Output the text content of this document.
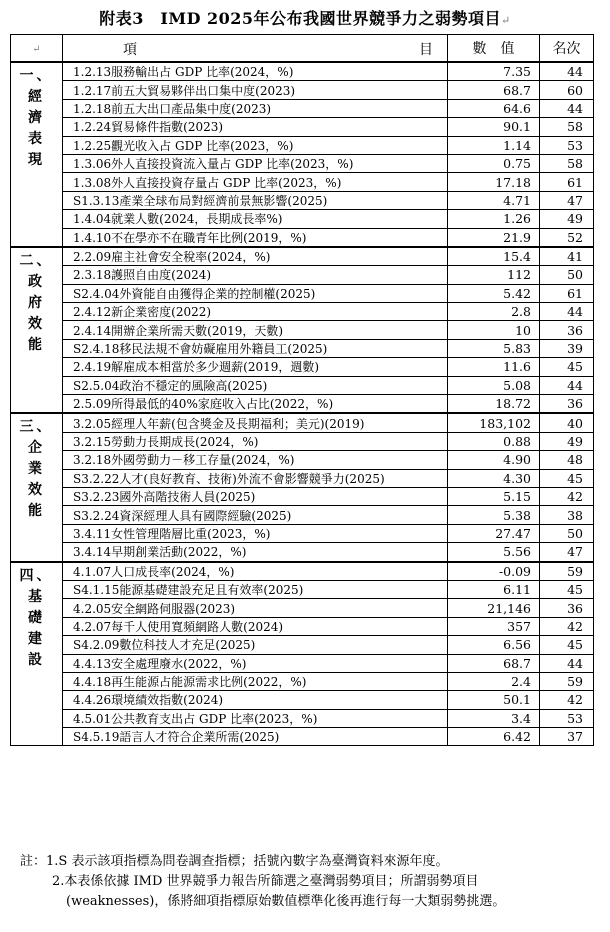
附表3　IMD 2025年公布我國世界競爭力之弱勢項目↵
↵	項 目	數　值	名次

一、
經
濟
表
現	1.2.13服務輸出占 GDP 比率(2024，%)	7.35	44
	1.2.17前五大貿易夥伴出口集中度(2023)	68.7	60
	1.2.18前五大出口產品集中度(2023)	64.6	44
	1.2.24貿易條件指數(2023)	90.1	58
	1.2.25觀光收入占 GDP 比率(2023，%)	1.14	53
	1.3.06外人直接投資流入量占 GDP 比率(2023，%)	0.75	58
	1.3.08外人直接投資存量占 GDP 比率(2023，%)	17.18	61
	S1.3.13產業全球布局對經濟前景無影響(2025)	4.71	47
	1.4.04就業人數(2024，長期成長率%)	1.26	49
	1.4.10不在學亦不在職青年比例(2019，%)	21.9	52

二、
政
府
效
能	2.2.09雇主社會安全稅率(2024，%)	15.4	41
	2.3.18護照自由度(2024)	112	50
	S2.4.04外資能自由獲得企業的控制權(2025)	5.42	61
	2.4.12新企業密度(2022)	2.8	44
	2.4.14開辦企業所需天數(2019，天數)	10	36
	S2.4.18移民法規不會妨礙雇用外籍員工(2025)	5.83	39
	2.4.19解雇成本相當於多少週薪(2019，週數)	11.6	45
	S2.5.04政治不穩定的風險高(2025)	5.08	44
	2.5.09所得最低的40%家庭收入占比(2022，%)	18.72	36

三、
企
業
效
能	3.2.05經理人年薪(包含獎金及長期福利；美元)(2019)	183,102	40
	3.2.15勞動力長期成長(2024，%)	0.88	49
	3.2.18外國勞動力－移工存量(2024，%)	4.90	48
	S3.2.22人才(良好教育、技術)外流不會影響競爭力(2025)	4.30	45
	S3.2.23國外高階技術人員(2025)	5.15	42
	S3.2.24資深經理人具有國際經驗(2025)	5.38	38
	3.4.11女性管理階層比重(2023，%)	27.47	50
	3.4.14早期創業活動(2022，%)	5.56	47

四、
基
礎
建
設	4.1.07人口成長率(2024，%)	-0.09	59
	S4.1.15能源基礎建設充足且有效率(2025)	6.11	45
	4.2.05安全網路伺服器(2023)	21,146	36
	4.2.07每千人使用寬頻網路人數(2024)	357	42
	S4.2.09數位科技人才充足(2025)	6.56	45
	4.4.13安全處理廢水(2022，%)	68.7	44
	4.4.18再生能源占能源需求比例(2022，%)	2.4	59
	4.4.26環境績效指數(2024)	50.1	42
	4.5.01公共教育支出占 GDP 比率(2023，%)	3.4	53
	S4.5.19語言人才符合企業所需(2025)	6.42	37
註：1.S 表示該項指標為問卷調查指標；括號內數字為臺灣資料來源年度。
2.本表係依據 IMD 世界競爭力報告所篩選之臺灣弱勢項目；所謂弱勢項目
(weaknesses)，係將細項指標原始數值標準化後再進行每一大類弱勢挑選。
